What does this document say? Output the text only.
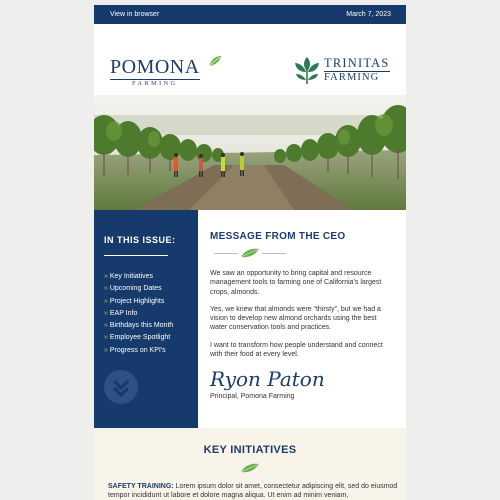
View in browser	March 7, 2023
POMONA
FARMING
TRINITAS
FARMING
IN THIS ISSUE:
» Key Initiatives
» Upcoming Dates
» Project Highlights
» EAP Info
» Birthdays this Month
» Employee Spotlight
» Progress on KPI's
MESSAGE FROM THE CEO

We saw an opportunity to bring capital and resource management tools to farming one of California's largest crops, almonds.

Yes, we knew that almonds were “thirsty”, but we had a vision to develop new almond orchards using the best water conservation tools and practices.

I want to transform how people understand and connect with their food at every level.

Ryon Paton
Principal, Pomona Farming
KEY INITIATIVES
SAFETY TRAINING: Lorem ipsum dolor sit amet, consectetur adipiscing elit, sed do eiusmod tempor incididunt ut labore et dolore magna aliqua. Ut enim ad minim veniam,
